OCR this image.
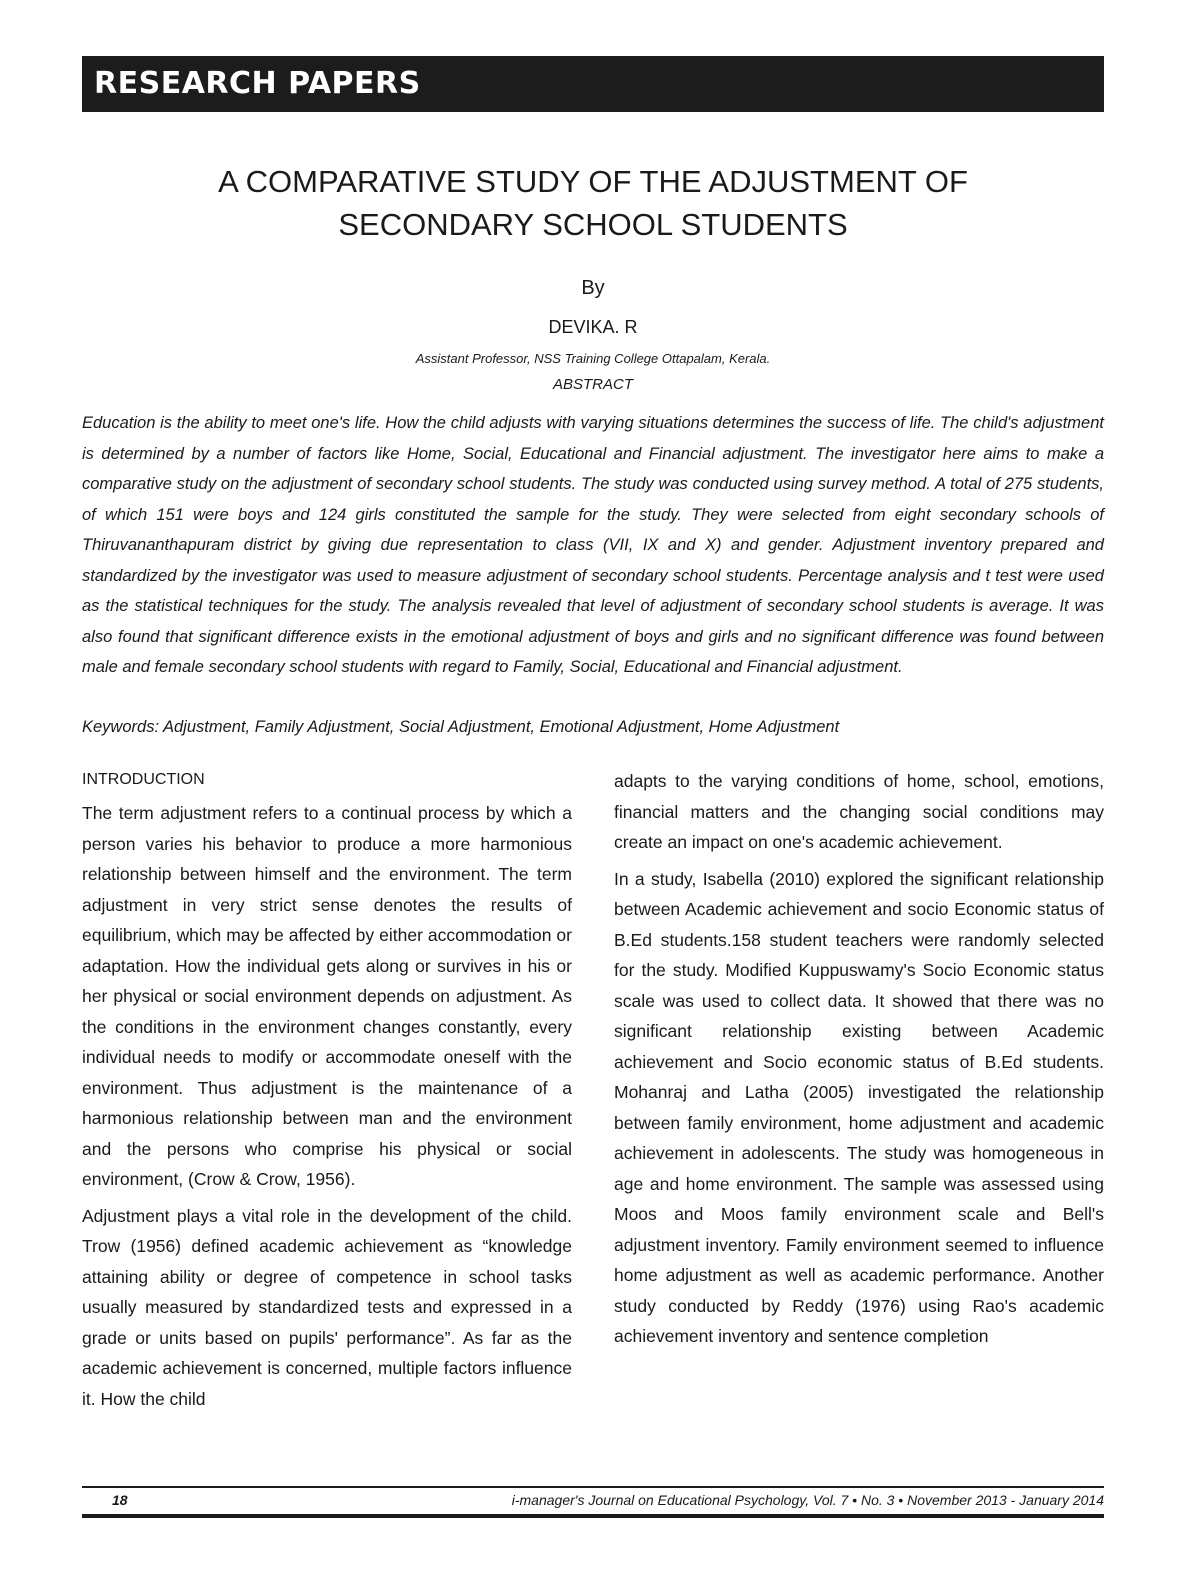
RESEARCH PAPERS
A COMPARATIVE STUDY OF THE ADJUSTMENT OF
SECONDARY SCHOOL STUDENTS
By
DEVIKA. R
Assistant Professor, NSS Training College Ottapalam, Kerala.
ABSTRACT

Education is the ability to meet one's life. How the child adjusts with varying situations determines the success of life. The child's adjustment is determined by a number of factors like Home, Social, Educational and Financial adjustment. The investigator here aims to make a comparative study on the adjustment of secondary school students. The study was conducted using survey method. A total of 275 students, of which 151 were boys and 124 girls constituted the sample for the study. They were selected from eight secondary schools of Thiruvananthapuram district by giving due representation to class (VII, IX and X) and gender. Adjustment inventory prepared and standardized by the investigator was used to measure adjustment of secondary school students. Percentage analysis and t test were used as the statistical techniques for the study. The analysis revealed that level of adjustment of secondary school students is average. It was also found that significant difference exists in the emotional adjustment of boys and girls and no significant difference was found between male and female secondary school students with regard to Family, Social, Educational and Financial adjustment.

Keywords: Adjustment, Family Adjustment, Social Adjustment, Emotional Adjustment, Home Adjustment

INTRODUCTION

The term adjustment refers to a continual process by which a person varies his behavior to produce a more harmonious relationship between himself and the environment. The term adjustment in very strict sense denotes the results of equilibrium, which may be affected by either accommodation or adaptation. How the individual gets along or survives in his or her physical or social environment depends on adjustment. As the conditions in the environment changes constantly, every individual needs to modify or accommodate oneself with the environment. Thus adjustment is the maintenance of a harmonious relationship between man and the environment and the persons who comprise his physical or social environment, (Crow & Crow, 1956).

Adjustment plays a vital role in the development of the child. Trow (1956) defined academic achievement as “knowledge attaining ability or degree of competence in school tasks usually measured by standardized tests and expressed in a grade or units based on pupils' performance”. As far as the academic achievement is concerned, multiple factors influence it. How the child

adapts to the varying conditions of home, school, emotions, financial matters and the changing social conditions may create an impact on one's academic achievement.

In a study, Isabella (2010) explored the significant relationship between Academic achievement and socio Economic status of B.Ed students.158 student teachers were randomly selected for the study. Modified Kuppuswamy's Socio Economic status scale was used to collect data. It showed that there was no significant relationship existing between Academic achievement and Socio economic status of B.Ed students. Mohanraj and Latha (2005) investigated the relationship between family environment, home adjustment and academic achievement in adolescents. The study was homogeneous in age and home environment. The sample was assessed using Moos and Moos family environment scale and Bell's adjustment inventory. Family environment seemed to influence home adjustment as well as academic performance. Another study conducted by Reddy (1976) using Rao's academic achievement inventory and sentence completion

18	i-manager's Journal on Educational Psychology, Vol. 7 • No. 3 • November 2013 - January 2014
